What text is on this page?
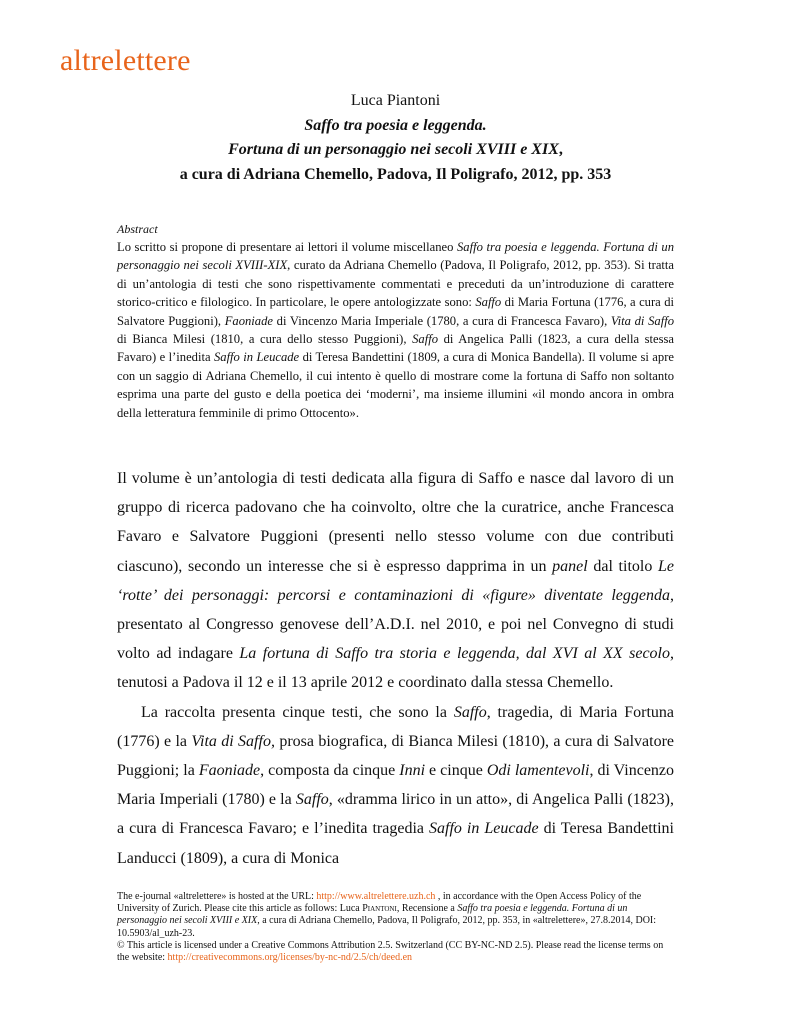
altrelettere
Luca Piantoni
Saffo tra poesia e leggenda.
Fortuna di un personaggio nei secoli XVIII e XIX,
a cura di Adriana Chemello, Padova, Il Poligrafo, 2012, pp. 353
Abstract
Lo scritto si propone di presentare ai lettori il volume miscellaneo Saffo tra poesia e leggenda. Fortuna di un personaggio nei secoli XVIII-XIX, curato da Adriana Chemello (Padova, Il Poligrafo, 2012, pp. 353). Si tratta di un’antologia di testi che sono rispettivamente commentati e preceduti da un’introduzione di carattere storico-critico e filologico. In particolare, le opere antologizzate sono: Saffo di Maria Fortuna (1776, a cura di Salvatore Puggioni), Faoniade di Vincenzo Maria Imperiale (1780, a cura di Francesca Favaro), Vita di Saffo di Bianca Milesi (1810, a cura dello stesso Puggioni), Saffo di Angelica Palli (1823, a cura della stessa Favaro) e l’inedita Saffo in Leucade di Teresa Bandettini (1809, a cura di Monica Bandella). Il volume si apre con un saggio di Adriana Chemello, il cui intento è quello di mostrare come la fortuna di Saffo non soltanto esprima una parte del gusto e della poetica dei ‘moderni’, ma insieme illumini «il mondo ancora in ombra della letteratura femminile di primo Ottocento».

Il volume è un’antologia di testi dedicata alla figura di Saffo e nasce dal lavoro di un gruppo di ricerca padovano che ha coinvolto, oltre che la curatrice, anche Francesca Favaro e Salvatore Puggioni (presenti nello stesso volume con due contributi ciascuno), secondo un interesse che si è espresso dapprima in un panel dal titolo Le ‘rotte’ dei personaggi: percorsi e contaminazioni di «figure» diventate leggenda, presentato al Congresso genovese dell’A.D.I. nel 2010, e poi nel Convegno di studi volto ad indagare La fortuna di Saffo tra storia e leggenda, dal XVI al XX secolo, tenutosi a Padova il 12 e il 13 aprile 2012 e coordinato dalla stessa Chemello.

La raccolta presenta cinque testi, che sono la Saffo, tragedia, di Maria Fortuna (1776) e la Vita di Saffo, prosa biografica, di Bianca Milesi (1810), a cura di Salvatore Puggioni; la Faoniade, composta da cinque Inni e cinque Odi lamentevoli, di Vincenzo Maria Imperiali (1780) e la Saffo, «dramma lirico in un atto», di Angelica Palli (1823), a cura di Francesca Favaro; e l’inedita tragedia Saffo in Leucade di Teresa Bandettini Landucci (1809), a cura di Monica

The e-journal «altrelettere» is hosted at the URL: http://www.altrelettere.uzh.ch , in accordance with the Open Access Policy of the University of Zurich. Please cite this article as follows: Luca Piantoni, Recensione a Saffo tra poesia e leggenda. Fortuna di un personaggio nei secoli XVIII e XIX, a cura di Adriana Chemello, Padova, Il Poligrafo, 2012, pp. 353, in «altrelettere», 27.8.2014, DOI: 10.5903/al_uzh-23.

© This article is licensed under a Creative Commons Attribution 2.5. Switzerland (CC BY-NC-ND 2.5). Please read the license terms on the website: http://creativecommons.org/licenses/by-nc-nd/2.5/ch/deed.en
